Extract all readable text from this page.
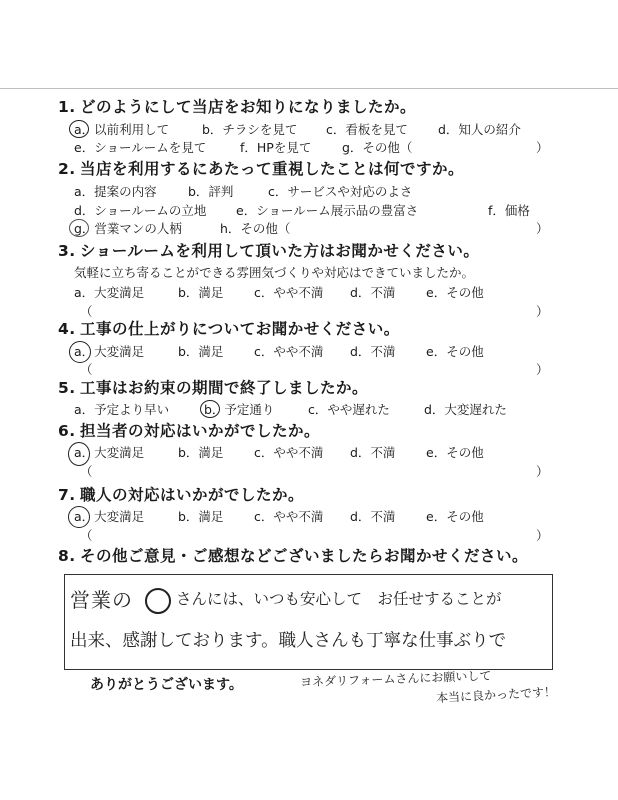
1. どのようにして当店をお知りになりましたか。
a．以前利用して	b．チラシを見て c．看板を見て d．知人の紹介
e．ショールームを見て	f．HPを見て g．その他（	）
2. 当店を利用するにあたって重視したことは何ですか。
a．提案の内容	b．評判	c．サービスや対応のよさ
d．ショールームの立地 e．ショールーム展示品の豊富さ	f．価格
g．営業マンの人柄	h．その他（	）
3. ショールームを利用して頂いた方はお聞かせください。
気軽に立ち寄ることができる雰囲気づくりや対応はできていましたか。
a．大変満足	b．満足 c．やや不満 d．不満 e．その他
（	）
4. 工事の仕上がりについてお聞かせください。
a．大変満足	b．満足 c．やや不満 d．不満 e．その他
（	）
5. 工事はお約束の期間で終了しましたか。
a．予定より早い	b．予定通り	c．やや遅れた	d．大変遅れた
6. 担当者の対応はいかがでしたか。
a．大変満足	b．満足 c．やや不満 d．不満 e．その他
（	）
7. 職人の対応はいかがでしたか。
a．大変満足	b．満足 c．やや不満 d．不満 e．その他
（	）
8. その他ご意見・ご感想などございましたらお聞かせください。
営業の	さんには、いつも安心して　お任せすることが
出来、感謝しております。職人さんも丁寧な仕事ぶりで
ありがとうございます。	ヨネダリフォームさんにお願いして
本当に良かったです！
